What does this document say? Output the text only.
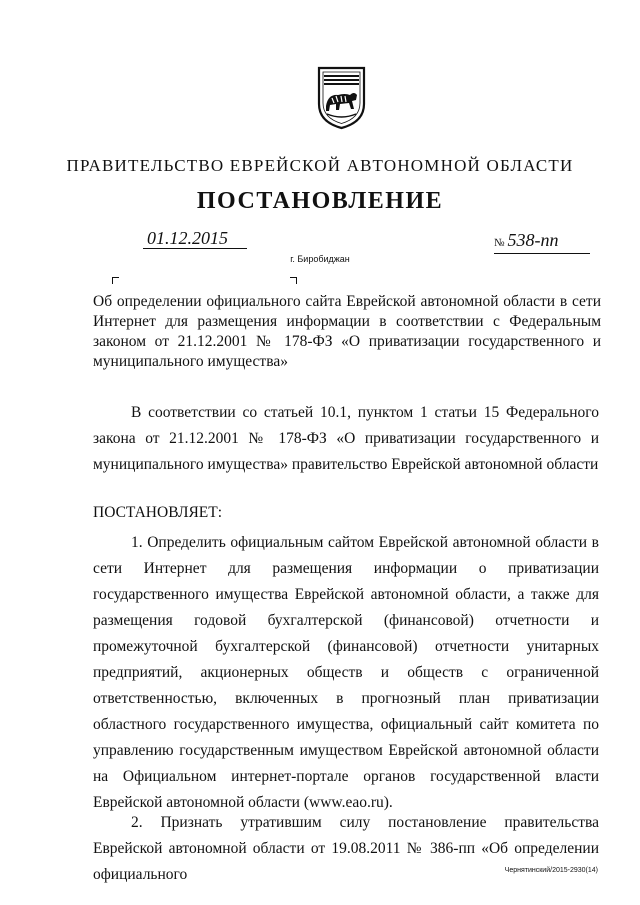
ПРАВИТЕЛЬСТВО ЕВРЕЙСКОЙ АВТОНОМНОЙ ОБЛАСТИ
ПОСТАНОВЛЕНИЕ
01.12.2015	№ 538-пп
г. Биробиджан

Об определении официального сайта Еврейской автономной области в сети Интернет для размещения информации в соответствии с Федеральным законом от 21.12.2001 № 178-ФЗ «О приватизации государственного и муниципального имущества»

В соответствии со статьей 10.1, пунктом 1 статьи 15 Федерального закона от 21.12.2001 № 178-ФЗ «О приватизации государственного и муниципального имущества» правительство Еврейской автономной области

ПОСТАНОВЛЯЕТ:

1. Определить официальным сайтом Еврейской автономной области в сети Интернет для размещения информации о приватизации государственного имущества Еврейской автономной области, а также для размещения годовой бухгалтерской (финансовой) отчетности и промежуточной бухгалтерской (финансовой) отчетности унитарных предприятий, акционерных обществ и обществ с ограниченной ответственностью, включенных в прогнозный план приватизации областного государственного имущества, официальный сайт комитета по управлению государственным имуществом Еврейской автономной области на Официальном интернет-портале органов государственной власти Еврейской автономной области (www.eao.ru).

2. Признать утратившим силу постановление правительства Еврейской автономной области от 19.08.2011 № 386-пп «Об определении официального	Чернятинский/2015-2930(14)
